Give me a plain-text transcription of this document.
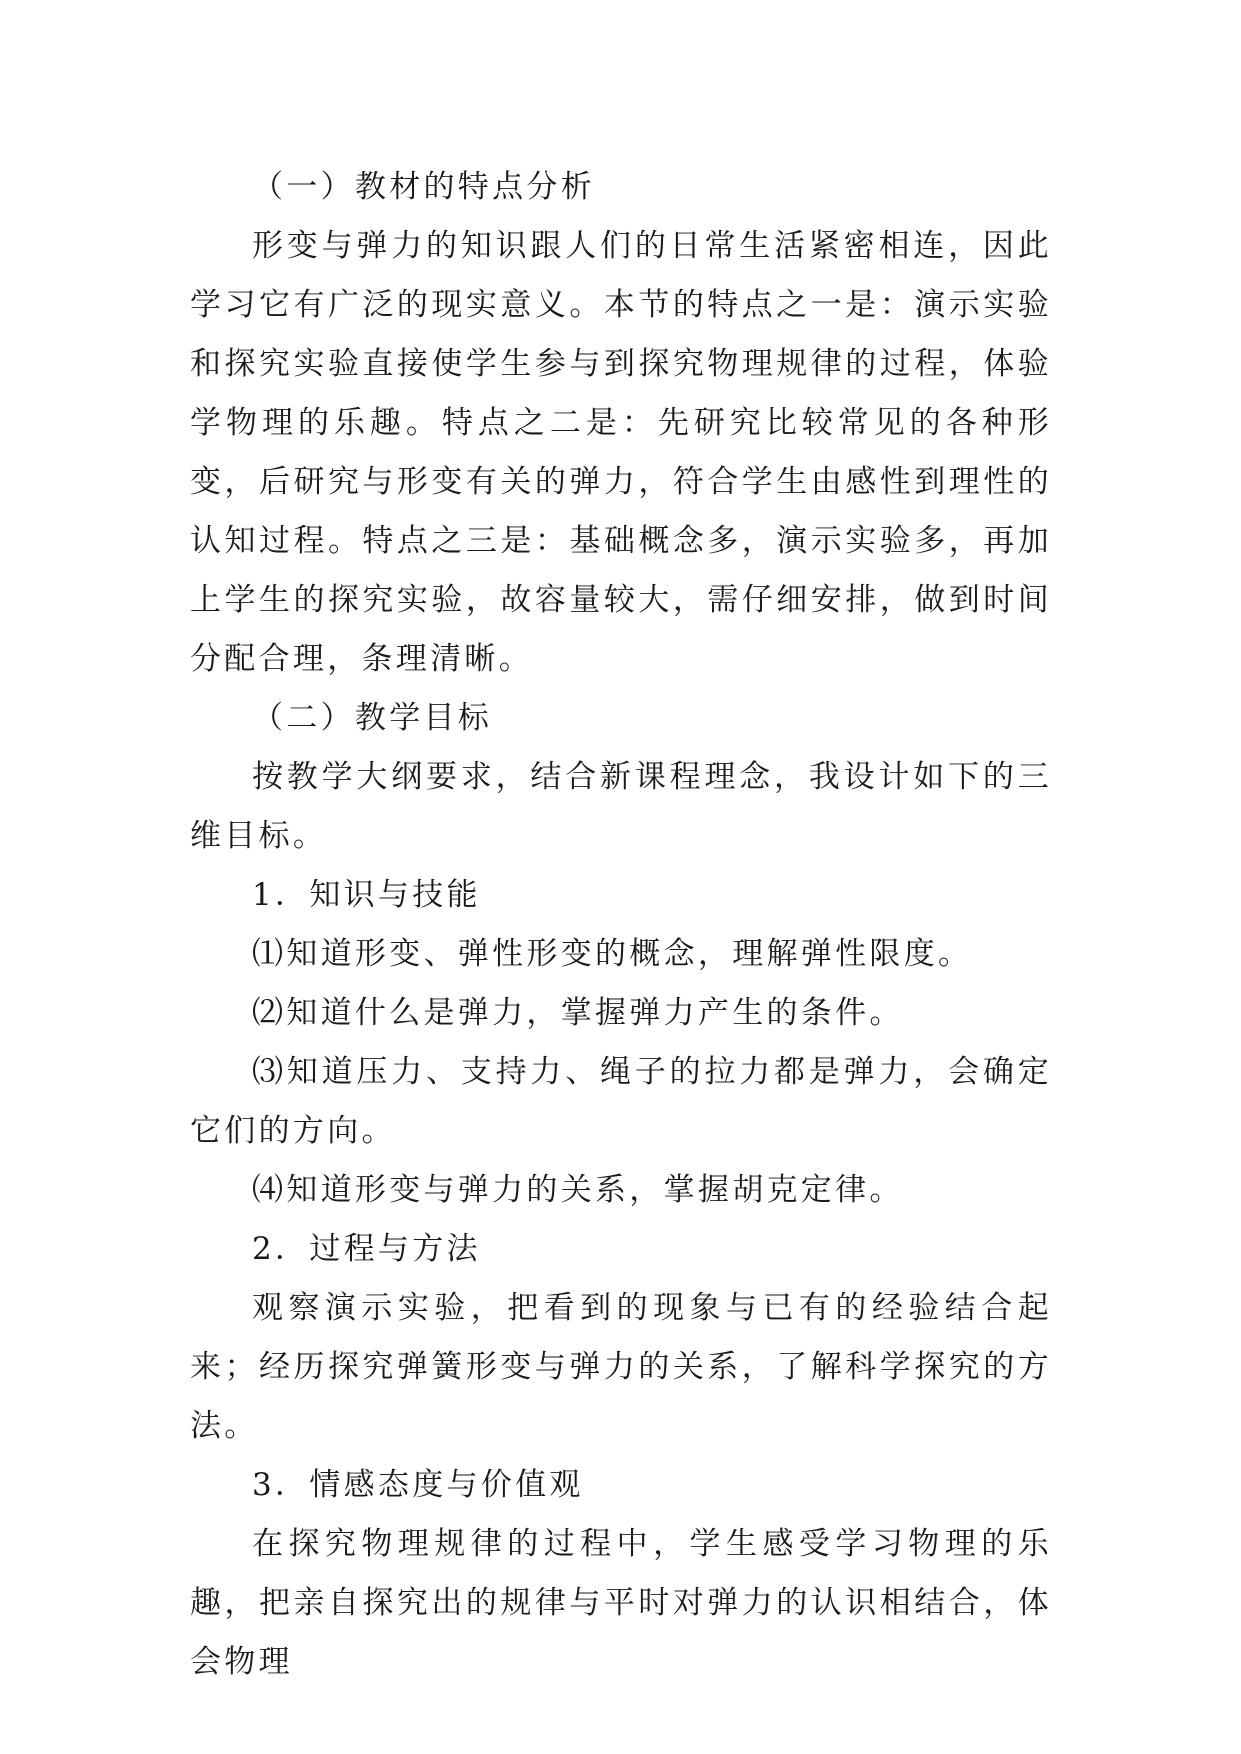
（一）教材的特点分析

形变与弹力的知识跟人们的日常生活紧密相连，因此学习它有广泛的现实意义。本节的特点之一是：演示实验和探究实验直接使学生参与到探究物理规律的过程，体验学物理的乐趣。特点之二是：先研究比较常见的各种形变，后研究与形变有关的弹力，符合学生由感性到理性的认知过程。特点之三是：基础概念多，演示实验多，再加上学生的探究实验，故容量较大，需仔细安排，做到时间分配合理，条理清晰。

（二）教学目标

按教学大纲要求，结合新课程理念，我设计如下的三维目标。

1．知识与技能

⑴知道形变、弹性形变的概念，理解弹性限度。

⑵知道什么是弹力，掌握弹力产生的条件。

⑶知道压力、支持力、绳子的拉力都是弹力，会确定它们的方向。

⑷知道形变与弹力的关系，掌握胡克定律。

2．过程与方法

观察演示实验，把看到的现象与已有的经验结合起来；经历探究弹簧形变与弹力的关系，了解科学探究的方法。

3．情感态度与价值观

在探究物理规律的过程中，学生感受学习物理的乐趣，把亲自探究出的规律与平时对弹力的认识相结合，体会物理
